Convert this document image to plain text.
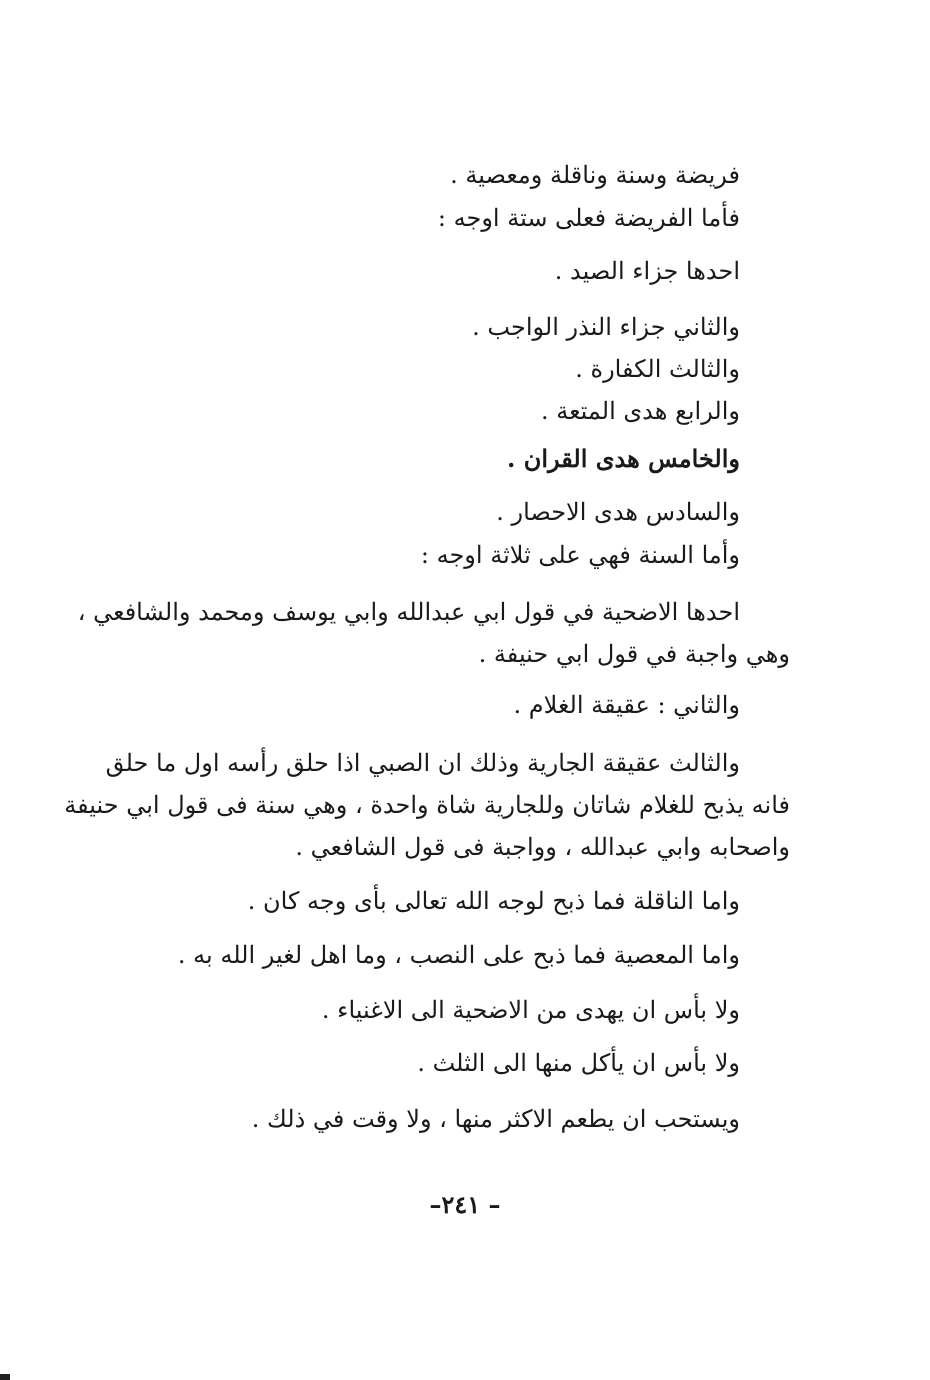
فريضة وسنة وناقلة ومعصية .
فأما الفريضة فعلى ستة اوجه :
احدها جزاء الصيد .
والثاني جزاء النذر الواجب .
والثالث الكفارة .
والرابع هدى المتعة .
والخامس هدى القران .
والسادس هدى الاحصار .
وأما السنة فهي على ثلاثة اوجه :
احدها الاضحية في قول ابي عبدالله وابي يوسف ومحمد والشافعي ،
وهي واجبة في قول ابي حنيفة .
والثاني : عقيقة الغلام .
والثالث عقيقة الجارية وذلك ان الصبي اذا حلق رأسه اول ما حلق
فانه يذبح للغلام شاتان وللجارية شاة واحدة ، وهي سنة فى قول ابي حنيفة
واصحابه وابي عبدالله ، وواجبة فى قول الشافعي .
واما الناقلة فما ذبح لوجه الله تعالى بأى وجه كان .
واما المعصية فما ذبح على النصب ، وما اهل لغير الله به .
ولا بأس ان يهدى من الاضحية الى الاغنياء .
ولا بأس ان يأكل منها الى الثلث .
ويستحب ان يطعم الاكثر منها ، ولا وقت في ذلك .
– ٢٤١–
